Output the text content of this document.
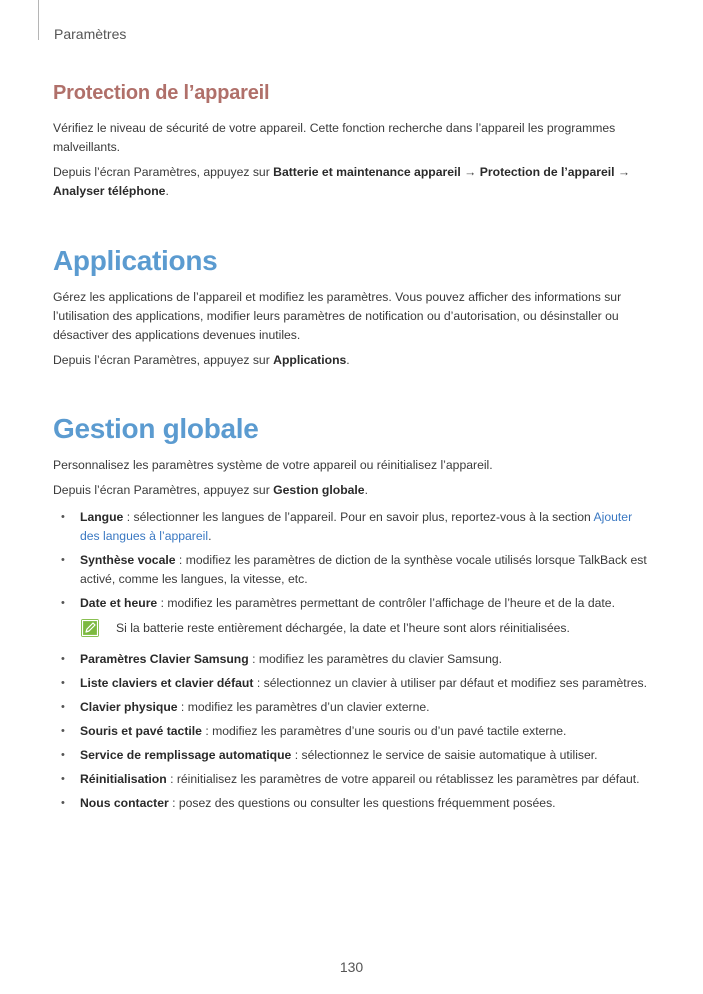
Paramètres
Protection de l’appareil

Vérifiez le niveau de sécurité de votre appareil. Cette fonction recherche dans l’appareil les programmes malveillants.

Depuis l’écran Paramètres, appuyez sur Batterie et maintenance appareil → Protection de l’appareil → Analyser téléphone.

Applications

Gérez les applications de l’appareil et modifiez les paramètres. Vous pouvez afficher des informations sur l’utilisation des applications, modifier leurs paramètres de notification ou d’autorisation, ou désinstaller ou désactiver des applications devenues inutiles.

Depuis l’écran Paramètres, appuyez sur Applications.

Gestion globale

Personnalisez les paramètres système de votre appareil ou réinitialisez l’appareil.

Depuis l’écran Paramètres, appuyez sur Gestion globale.

• Langue : sélectionner les langues de l’appareil. Pour en savoir plus, reportez-vous à la section Ajouter des langues à l’appareil.
• Synthèse vocale : modifiez les paramètres de diction de la synthèse vocale utilisés lorsque TalkBack est activé, comme les langues, la vitesse, etc.
• Date et heure : modifiez les paramètres permettant de contrôler l’affichage de l’heure et de la date.
Si la batterie reste entièrement déchargée, la date et l’heure sont alors réinitialisées.
• Paramètres Clavier Samsung : modifiez les paramètres du clavier Samsung.
• Liste claviers et clavier défaut : sélectionnez un clavier à utiliser par défaut et modifiez ses paramètres.
• Clavier physique : modifiez les paramètres d’un clavier externe.
• Souris et pavé tactile : modifiez les paramètres d’une souris ou d’un pavé tactile externe.
• Service de remplissage automatique : sélectionnez le service de saisie automatique à utiliser.
• Réinitialisation : réinitialisez les paramètres de votre appareil ou rétablissez les paramètres par défaut.
• Nous contacter : posez des questions ou consulter les questions fréquemment posées.
130
